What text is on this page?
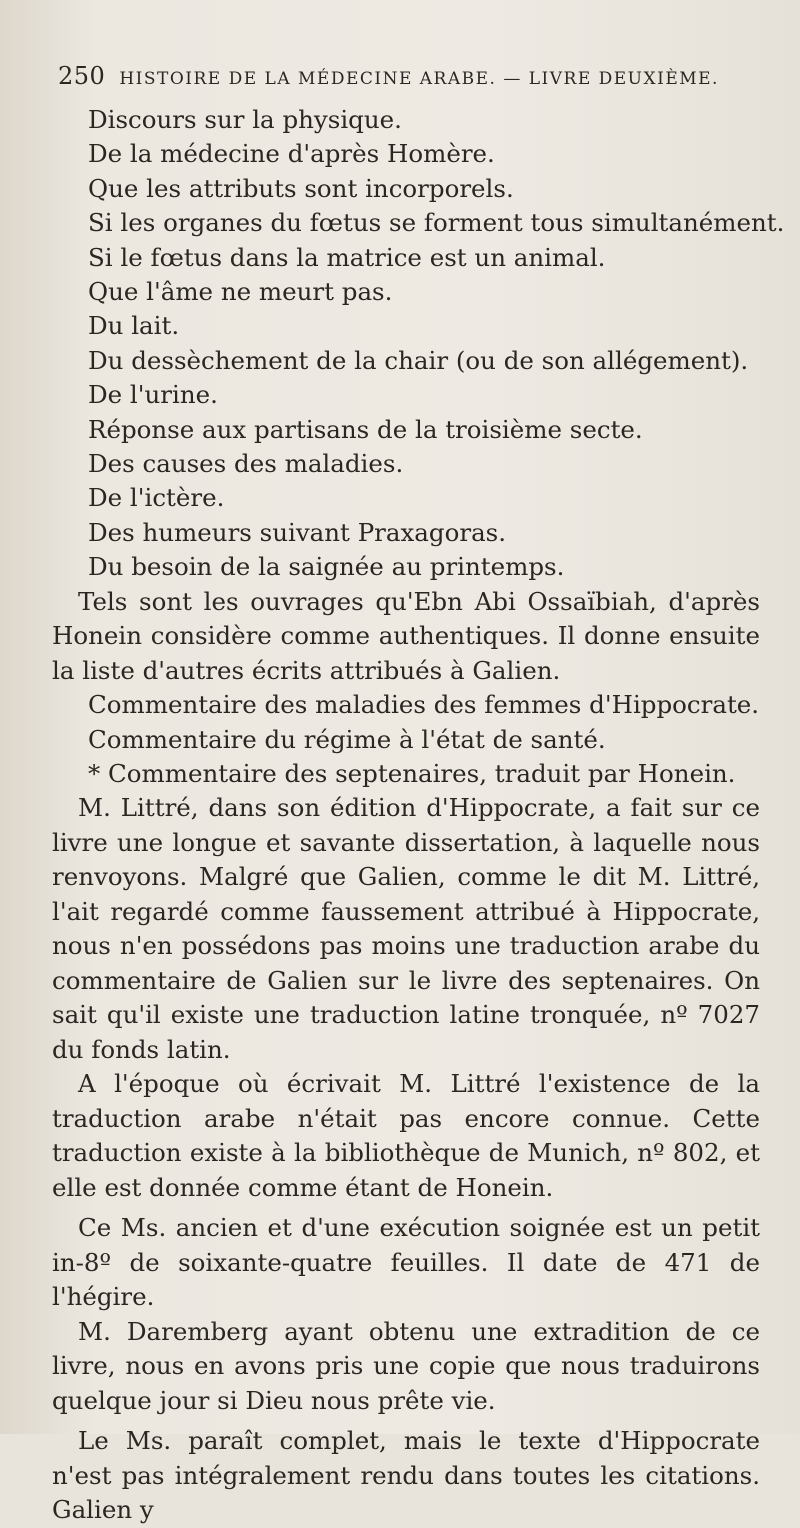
250 HISTOIRE DE LA MÉDECINE ARABE. — LIVRE DEUXIÈME.
Discours sur la physique.
De la médecine d'après Homère.
Que les attributs sont incorporels.
Si les organes du fœtus se forment tous simultanément.
Si le fœtus dans la matrice est un animal.
Que l'âme ne meurt pas.
Du lait.
Du dessèchement de la chair (ou de son allégement).
De l'urine.
Réponse aux partisans de la troisième secte.
Des causes des maladies.
De l'ictère.
Des humeurs suivant Praxagoras.
Du besoin de la saignée au printemps.

Tels sont les ouvrages qu'Ebn Abi Ossaïbiah, d'après Honein considère comme authentiques. Il donne ensuite la liste d'autres écrits attribués à Galien.

Commentaire des maladies des femmes d'Hippocrate.
Commentaire du régime à l'état de santé.
* Commentaire des septenaires, traduit par Honein.

M. Littré, dans son édition d'Hippocrate, a fait sur ce livre une longue et savante dissertation, à laquelle nous renvoyons. Malgré que Galien, comme le dit M. Littré, l'ait regardé comme faussement attribué à Hippocrate, nous n'en possédons pas moins une traduction arabe du commentaire de Galien sur le livre des septenaires. On sait qu'il existe une traduction latine tronquée, nº 7027 du fonds latin.

A l'époque où écrivait M. Littré l'existence de la traduction arabe n'était pas encore connue. Cette traduction existe à la bibliothèque de Munich, nº 802, et elle est donnée comme étant de Honein.

Ce Ms. ancien et d'une exécution soignée est un petit in-8º de soixante-quatre feuilles. Il date de 471 de l'hégire.

M. Daremberg ayant obtenu une extradition de ce livre, nous en avons pris une copie que nous traduirons quelque jour si Dieu nous prête vie.

Le Ms. paraît complet, mais le texte d'Hippocrate n'est pas intégralement rendu dans toutes les citations. Galien y
